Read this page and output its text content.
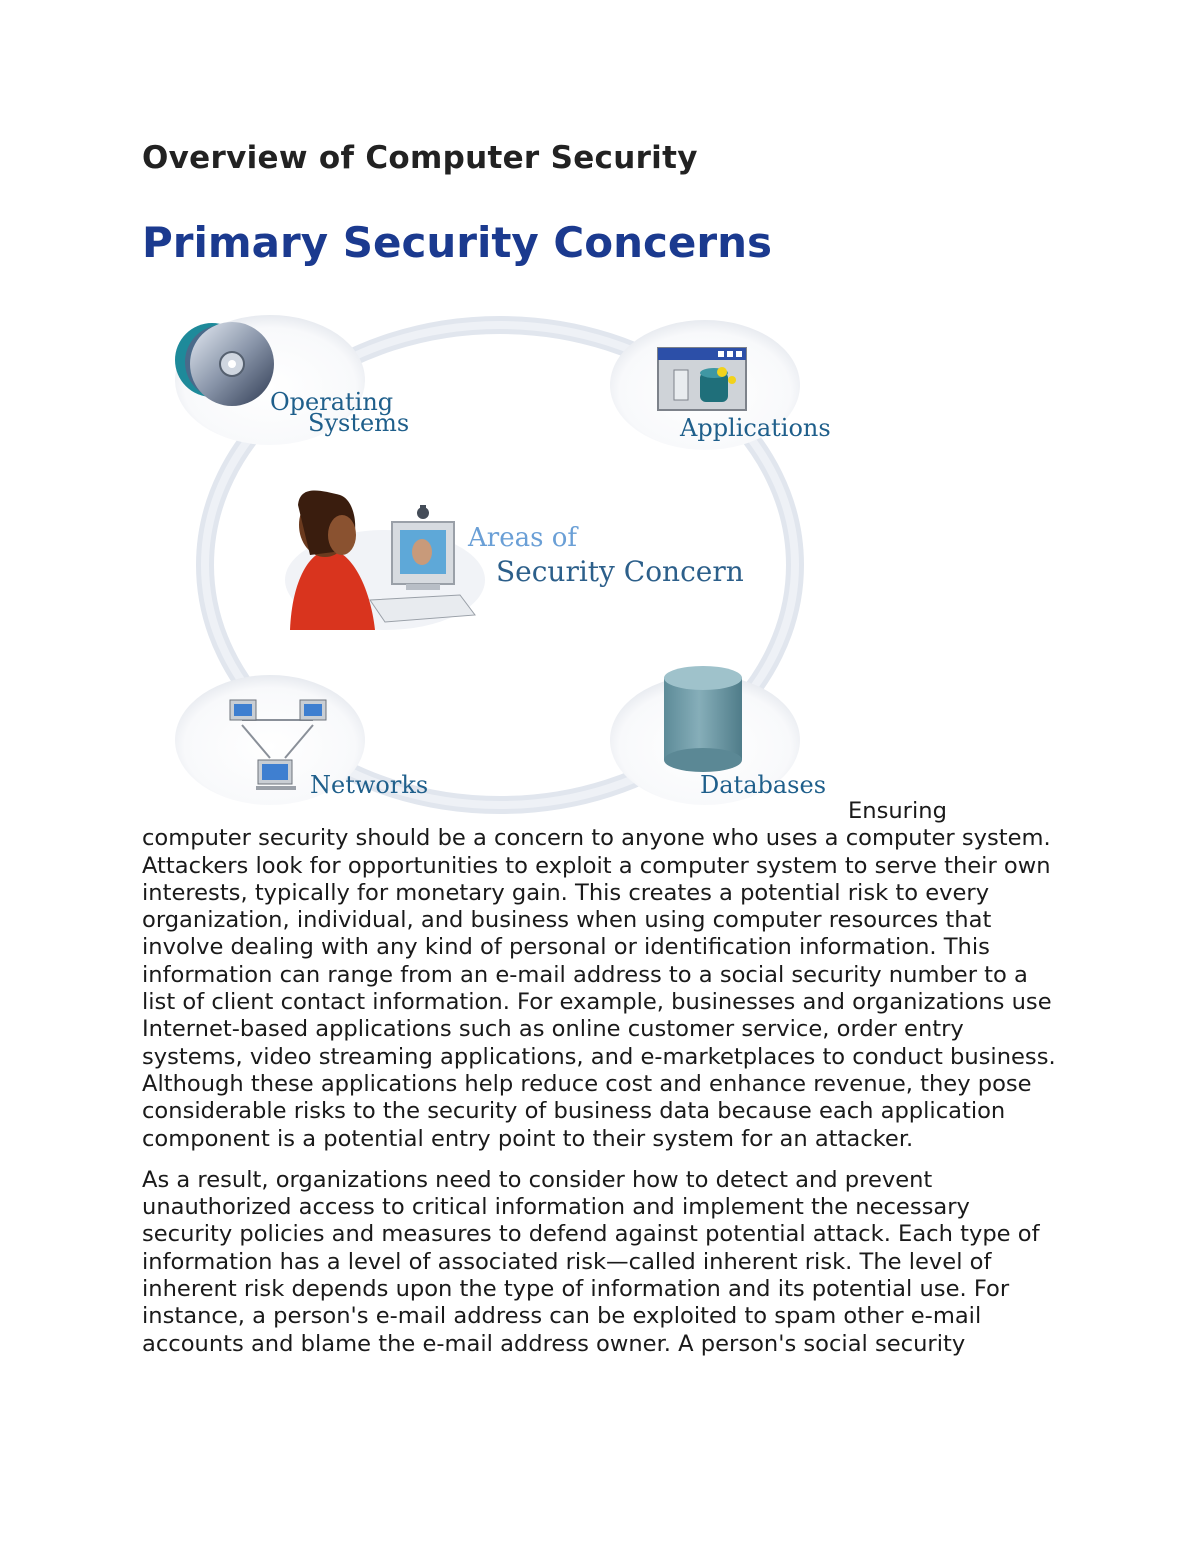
Overview of Computer Security
Primary Security Concerns
Operating
Systems	Applications
Areas of
Security Concern
Networks	Databases

Ensuring
computer security should be a concern to anyone who uses a computer system. Attackers look for opportunities to exploit a computer system to serve their own interests, typically for monetary gain. This creates a potential risk to every organization, individual, and business when using computer resources that involve dealing with any kind of personal or identification information. This information can range from an e-mail address to a social security number to a list of client contact information. For example, businesses and organizations use Internet-based applications such as online customer service, order entry systems, video streaming applications, and e-marketplaces to conduct business. Although these applications help reduce cost and enhance revenue, they pose considerable risks to the security of business data because each application component is a potential entry point to their system for an attacker.

As a result, organizations need to consider how to detect and prevent unauthorized access to critical information and implement the necessary security policies and measures to defend against potential attack. Each type of information has a level of associated risk—called inherent risk. The level of inherent risk depends upon the type of information and its potential use. For instance, a person's e-mail address can be exploited to spam other e-mail accounts and blame the e-mail address owner. A person's social security
